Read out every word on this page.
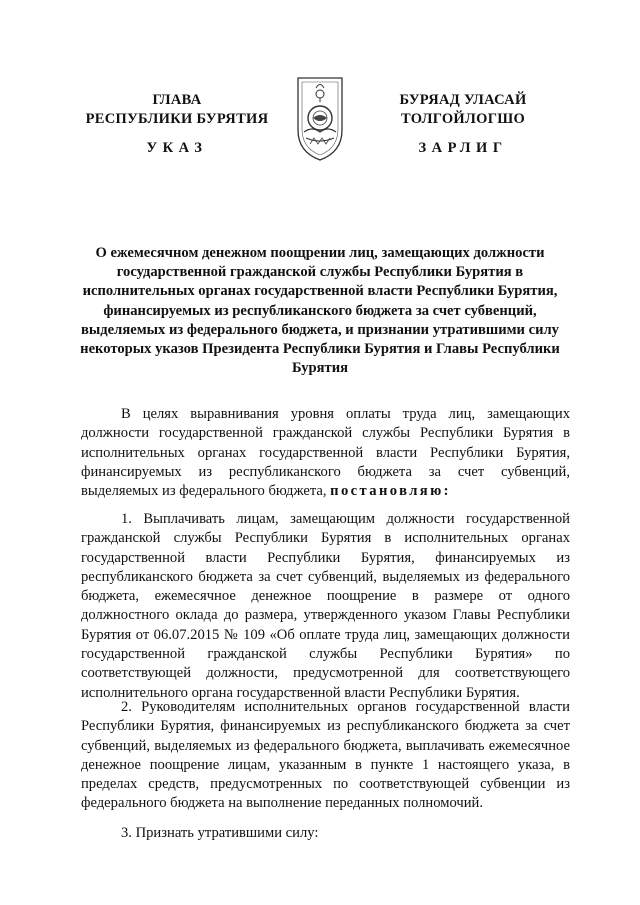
ГЛАВА
РЕСПУБЛИКИ БУРЯТИЯ
БУРЯАД УЛАСАЙ
ТОЛГОЙЛОГШО
УКАЗ	ЗАРЛИГ
О ежемесячном денежном поощрении лиц, замещающих должности государственной гражданской службы Республики Бурятия в исполнительных органах государственной власти Республики Бурятия, финансируемых из республиканского бюджета за счет субвенций, выделяемых из федерального бюджета, и признании утратившими силу некоторых указов Президента Республики Бурятия и Главы Республики Бурятия

В целях выравнивания уровня оплаты труда лиц, замещающих должности государственной гражданской службы Республики Бурятия в исполнительных органах государственной власти Республики Бурятия, финансируемых из республиканского бюджета за счет субвенций, выделяемых из федерального бюджета, постановляю:

1. Выплачивать лицам, замещающим должности государственной гражданской службы Республики Бурятия в исполнительных органах государственной власти Республики Бурятия, финансируемых из республиканского бюджета за счет субвенций, выделяемых из федерального бюджета, ежемесячное денежное поощрение в размере от одного должностного оклада до размера, утвержденного указом Главы Республики Бурятия от 06.07.2015 № 109 «Об оплате труда лиц, замещающих должности государственной гражданской службы Республики Бурятия» по соответствующей должности, предусмотренной для соответствующего исполнительного органа государственной власти Республики Бурятия.

2. Руководителям исполнительных органов государственной власти Республики Бурятия, финансируемых из республиканского бюджета за счет субвенций, выделяемых из федерального бюджета, выплачивать ежемесячное денежное поощрение лицам, указанным в пункте 1 настоящего указа, в пределах средств, предусмотренных по соответствующей субвенции из федерального бюджета на выполнение переданных полномочий.

3. Признать утратившими силу:
